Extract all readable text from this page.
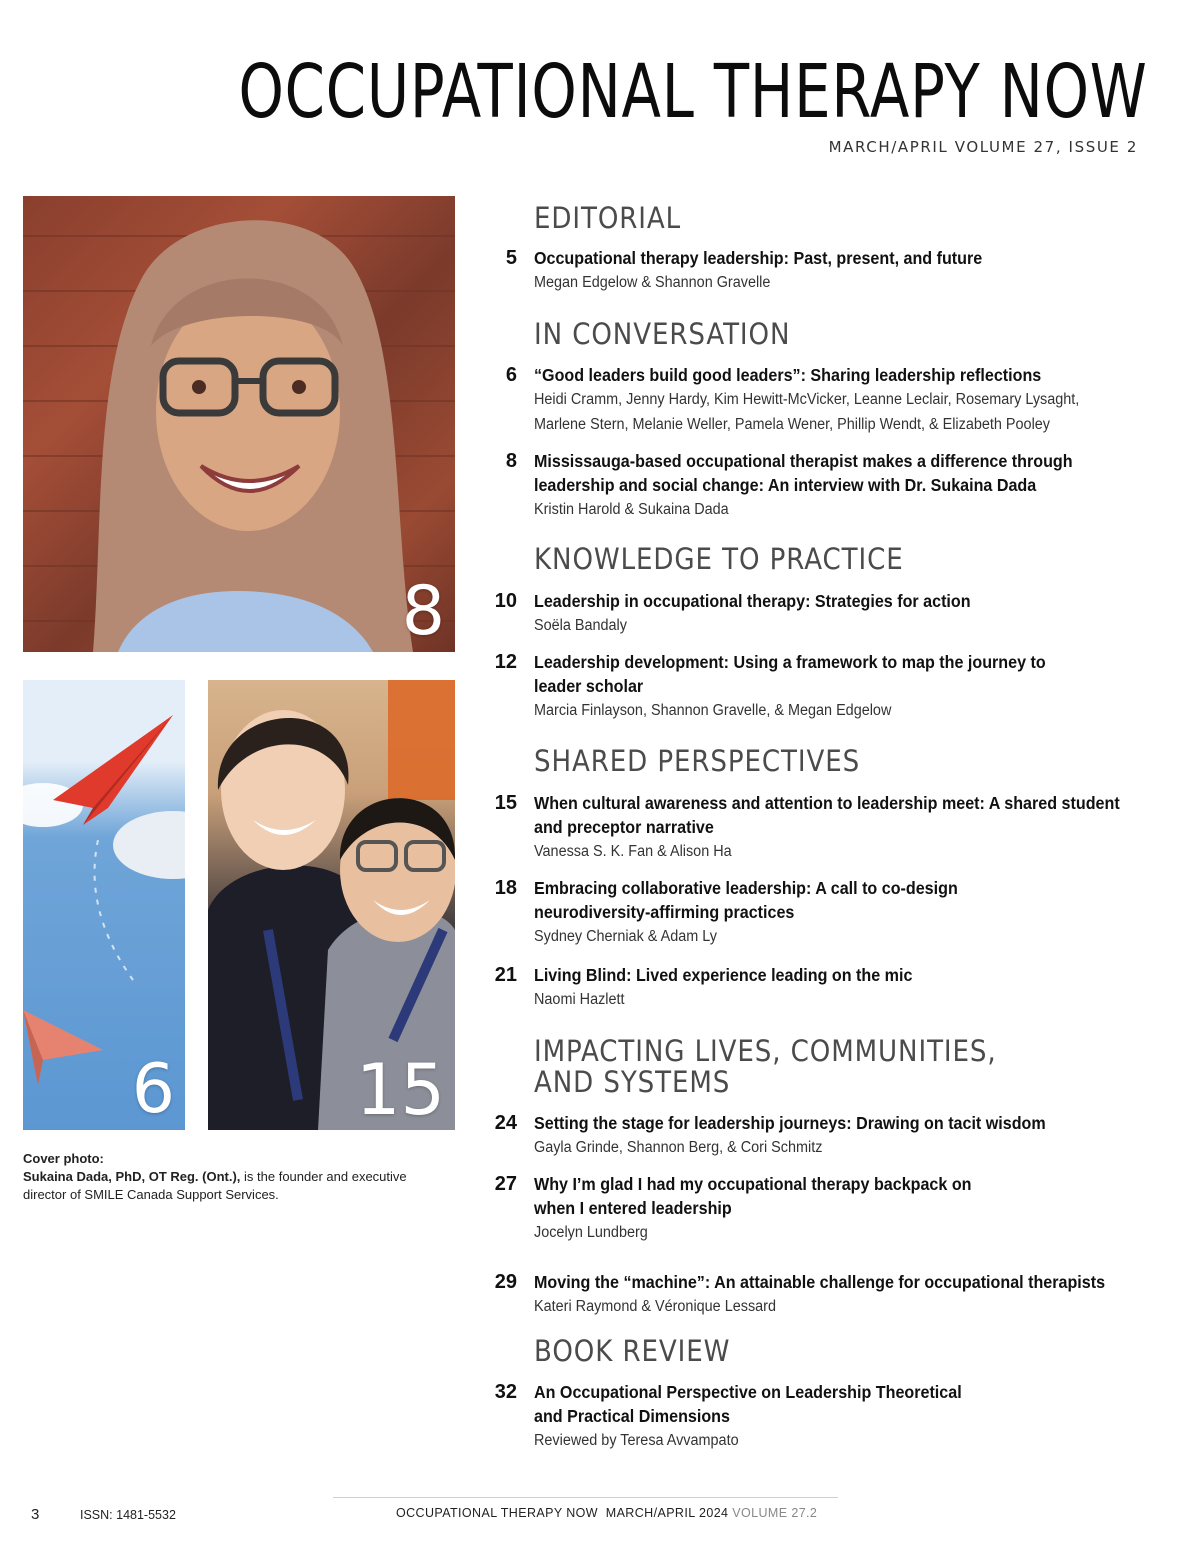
OCCUPATIONAL THERAPY NOW
MARCH/APRIL VOLUME 27, ISSUE 2
8
6	15
Cover photo:
Sukaina Dada, PhD, OT Reg. (Ont.), is the founder and executive director of SMILE Canada Support Services.
EDITORIAL
5 Occupational therapy leadership: Past, present, and future
Megan Edgelow & Shannon Gravelle
IN CONVERSATION
6 “Good leaders build good leaders”: Sharing leadership reflections
Heidi Cramm, Jenny Hardy, Kim Hewitt-McVicker, Leanne Leclair, Rosemary Lysaght, Marlene Stern, Melanie Weller, Pamela Wener, Phillip Wendt, & Elizabeth Pooley
8 Mississauga-based occupational therapist makes a difference through leadership and social change: An interview with Dr. Sukaina Dada
Kristin Harold & Sukaina Dada
KNOWLEDGE TO PRACTICE
10 Leadership in occupational therapy: Strategies for action
Soëla Bandaly
12 Leadership development: Using a framework to map the journey to leader scholar
Marcia Finlayson, Shannon Gravelle, & Megan Edgelow
SHARED PERSPECTIVES
15 When cultural awareness and attention to leadership meet: A shared student and preceptor narrative
Vanessa S. K. Fan & Alison Ha
18 Embracing collaborative leadership: A call to co-design neurodiversity-affirming practices
Sydney Cherniak & Adam Ly
21 Living Blind: Lived experience leading on the mic
Naomi Hazlett
IMPACTING LIVES, COMMUNITIES,
AND SYSTEMS
24 Setting the stage for leadership journeys: Drawing on tacit wisdom
Gayla Grinde, Shannon Berg, & Cori Schmitz
27 Why I’m glad I had my occupational therapy backpack on when I entered leadership
Jocelyn Lundberg
29 Moving the “machine”: An attainable challenge for occupational therapists
Kateri Raymond & Véronique Lessard
BOOK REVIEW
32 An Occupational Perspective on Leadership Theoretical and Practical Dimensions
Reviewed by Teresa Avvampato
3	ISSN: 1481-5532	OCCUPATIONAL THERAPY NOW MARCH/APRIL 2024 VOLUME 27.2
